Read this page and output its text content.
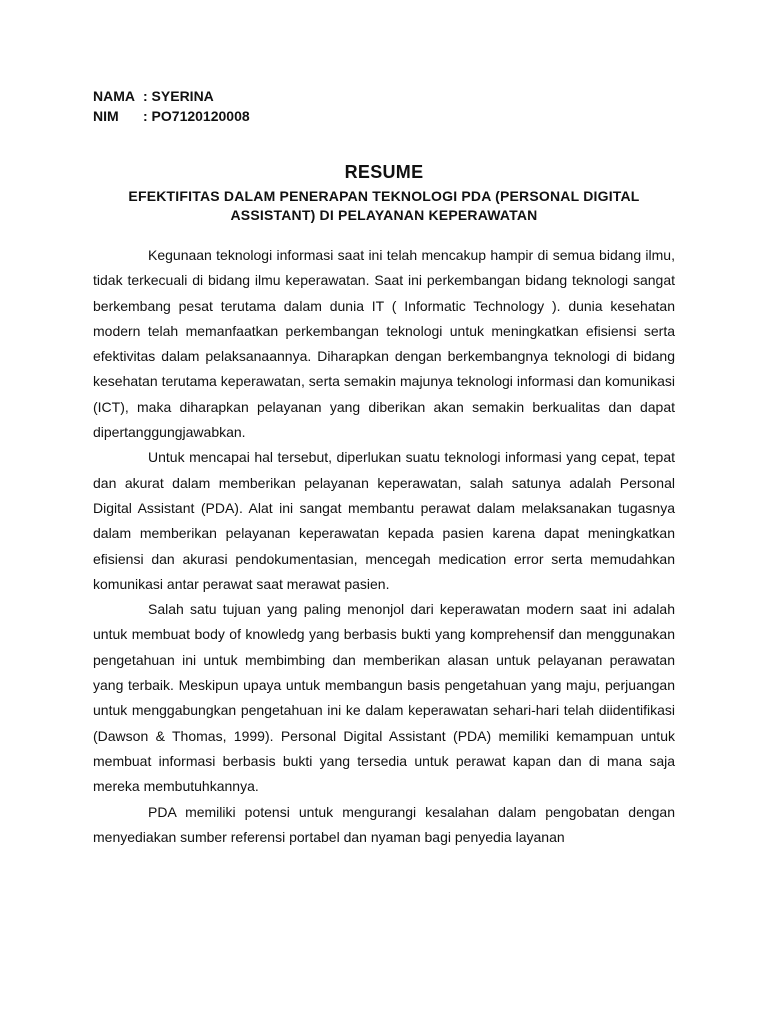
NAMA : SYERINA
NIM	: PO7120120008
RESUME
EFEKTIFITAS DALAM PENERAPAN TEKNOLOGI PDA (PERSONAL DIGITAL ASSISTANT) DI PELAYANAN KEPERAWATAN

Kegunaan teknologi informasi saat ini telah mencakup hampir di semua bidang ilmu, tidak terkecuali di bidang ilmu keperawatan. Saat ini perkembangan bidang teknologi sangat berkembang pesat terutama dalam dunia IT ( Informatic Technology ). dunia kesehatan modern telah memanfaatkan perkembangan teknologi untuk meningkatkan efisiensi serta efektivitas dalam pelaksanaannya. Diharapkan dengan berkembangnya teknologi di bidang kesehatan terutama keperawatan, serta semakin majunya teknologi informasi dan komunikasi (ICT), maka diharapkan pelayanan yang diberikan akan semakin berkualitas dan dapat dipertanggungjawabkan.

Untuk mencapai hal tersebut, diperlukan suatu teknologi informasi yang cepat, tepat dan akurat dalam memberikan pelayanan keperawatan, salah satunya adalah Personal Digital Assistant (PDA). Alat ini sangat membantu perawat dalam melaksanakan tugasnya dalam memberikan pelayanan keperawatan kepada pasien karena dapat meningkatkan efisiensi dan akurasi pendokumentasian, mencegah medication error serta memudahkan komunikasi antar perawat saat merawat pasien.

Salah satu tujuan yang paling menonjol dari keperawatan modern saat ini adalah untuk membuat body of knowledg yang berbasis bukti yang komprehensif dan menggunakan pengetahuan ini untuk membimbing dan memberikan alasan untuk pelayanan perawatan yang terbaik. Meskipun upaya untuk membangun basis pengetahuan yang maju, perjuangan untuk menggabungkan pengetahuan ini ke dalam keperawatan sehari-hari telah diidentifikasi (Dawson & Thomas, 1999). Personal Digital Assistant (PDA) memiliki kemampuan untuk membuat informasi berbasis bukti yang tersedia untuk perawat kapan dan di mana saja mereka membutuhkannya.

PDA memiliki potensi untuk mengurangi kesalahan dalam pengobatan dengan menyediakan sumber referensi portabel dan nyaman bagi penyedia layanan
